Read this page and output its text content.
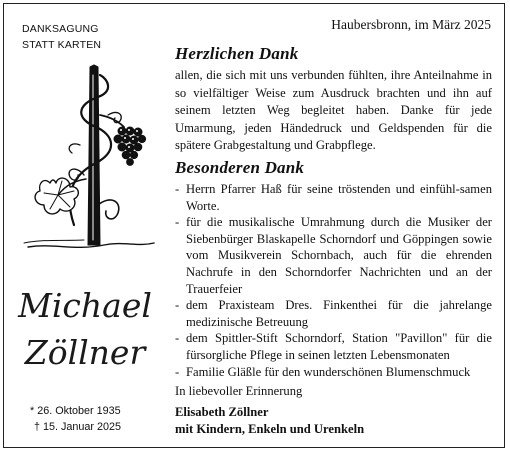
DANKSAGUNG
STATT KARTEN
Haubersbronn, im März 2025
Michael
Zöllner
* 26. Oktober 1935
† 15. Januar 2025
Herzlichen Dank
allen, die sich mit uns verbunden fühlten, ihre Anteilnahme in so vielfältiger Weise zum Ausdruck brachten und ihn auf seinem letzten Weg begleitet haben. Danke für jede Umarmung, jeden Händedruck und Geldspenden für die spätere Grabgestaltung und Grabpflege.
Besonderen Dank
- Herrn Pfarrer Haß für seine tröstenden und einfühl-samen Worte.
- für die musikalische Umrahmung durch die Musiker der Siebenbürger Blaskapelle Schorndorf und Göppingen sowie vom Musikverein Schornbach, auch für die ehrenden Nachrufe in den Schorndorfer Nachrichten und an der Trauerfeier
- dem Praxisteam Dres. Finkenthei für die jahrelange medizinische Betreuung
- dem Spittler-Stift Schorndorf, Station "Pavillon" für die fürsorgliche Pflege in seinen letzten Lebensmonaten
- Familie Gläßle für den wunderschönen Blumenschmuck
In liebevoller Erinnerung
Elisabeth Zöllner
mit Kindern, Enkeln und Urenkeln
